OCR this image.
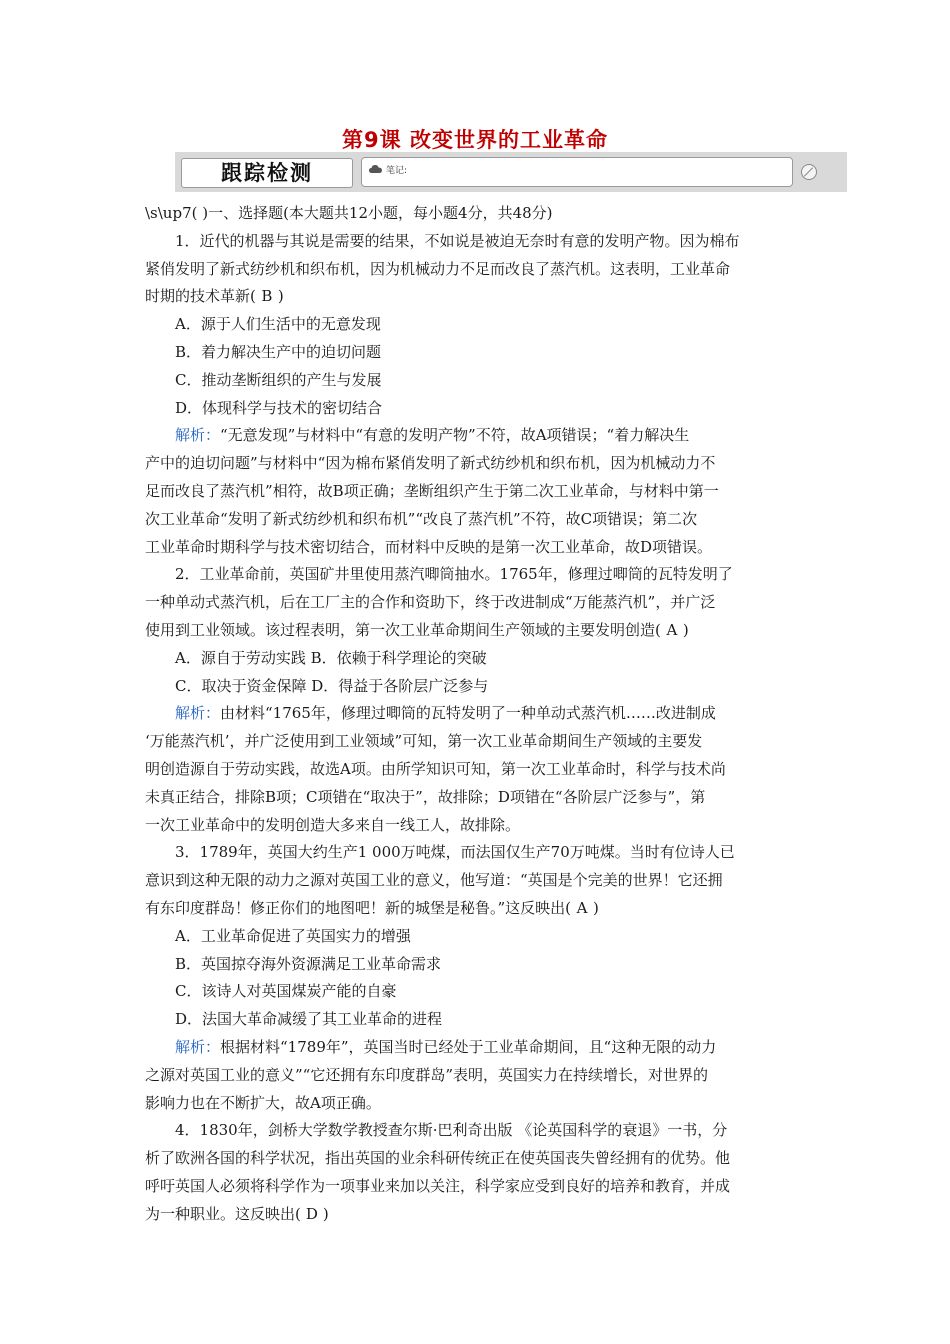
第9课 改变世界的工业革命
跟踪检测	笔记:
\s\up7( )一、选择题(本大题共12小题，每小题4分，共48分)
1．近代的机器与其说是需要的结果，不如说是被迫无奈时有意的发明产物。因为棉布
紧俏发明了新式纺纱机和织布机，因为机械动力不足而改良了蒸汽机。这表明，工业革命
时期的技术革新( B )
A．源于人们生活中的无意发现
B．着力解决生产中的迫切问题
C．推动垄断组织的产生与发展
D．体现科学与技术的密切结合
解析：“无意发现”与材料中“有意的发明产物”不符，故A项错误；“着力解决生
产中的迫切问题”与材料中“因为棉布紧俏发明了新式纺纱机和织布机，因为机械动力不
足而改良了蒸汽机”相符，故B项正确；垄断组织产生于第二次工业革命，与材料中第一
次工业革命“发明了新式纺纱机和织布机”“改良了蒸汽机”不符，故C项错误；第二次
工业革命时期科学与技术密切结合，而材料中反映的是第一次工业革命，故D项错误。
2．工业革命前，英国矿井里使用蒸汽唧筒抽水。1765年，修理过唧筒的瓦特发明了
一种单动式蒸汽机，后在工厂主的合作和资助下，终于改进制成“万能蒸汽机”，并广泛
使用到工业领域。该过程表明，第一次工业革命期间生产领域的主要发明创造( A )
A．源自于劳动实践 B．依赖于科学理论的突破
C．取决于资金保障 D．得益于各阶层广泛参与
解析：由材料“1765年，修理过唧筒的瓦特发明了一种单动式蒸汽机……改进制成
‘万能蒸汽机’，并广泛使用到工业领域”可知，第一次工业革命期间生产领域的主要发
明创造源自于劳动实践，故选A项。由所学知识可知，第一次工业革命时，科学与技术尚
未真正结合，排除B项；C项错在“取决于”，故排除；D项错在“各阶层广泛参与”，第
一次工业革命中的发明创造大多来自一线工人，故排除。
3．1789年，英国大约生产1 000万吨煤，而法国仅生产70万吨煤。当时有位诗人已
意识到这种无限的动力之源对英国工业的意义，他写道：“英国是个完美的世界！它还拥
有东印度群岛！修正你们的地图吧！新的城堡是秘鲁。”这反映出( A )
A．工业革命促进了英国实力的增强
B．英国掠夺海外资源满足工业革命需求
C．该诗人对英国煤炭产能的自豪
D．法国大革命减缓了其工业革命的进程
解析：根据材料“1789年”，英国当时已经处于工业革命期间，且“这种无限的动力
之源对英国工业的意义”“它还拥有东印度群岛”表明，英国实力在持续增长，对世界的
影响力也在不断扩大，故A项正确。
4．1830年，剑桥大学数学教授查尔斯·巴利奇出版 《论英国科学的衰退》一书，分
析了欧洲各国的科学状况，指出英国的业余科研传统正在使英国丧失曾经拥有的优势。他
呼吁英国人必须将科学作为一项事业来加以关注，科学家应受到良好的培养和教育，并成
为一种职业。这反映出( D )
